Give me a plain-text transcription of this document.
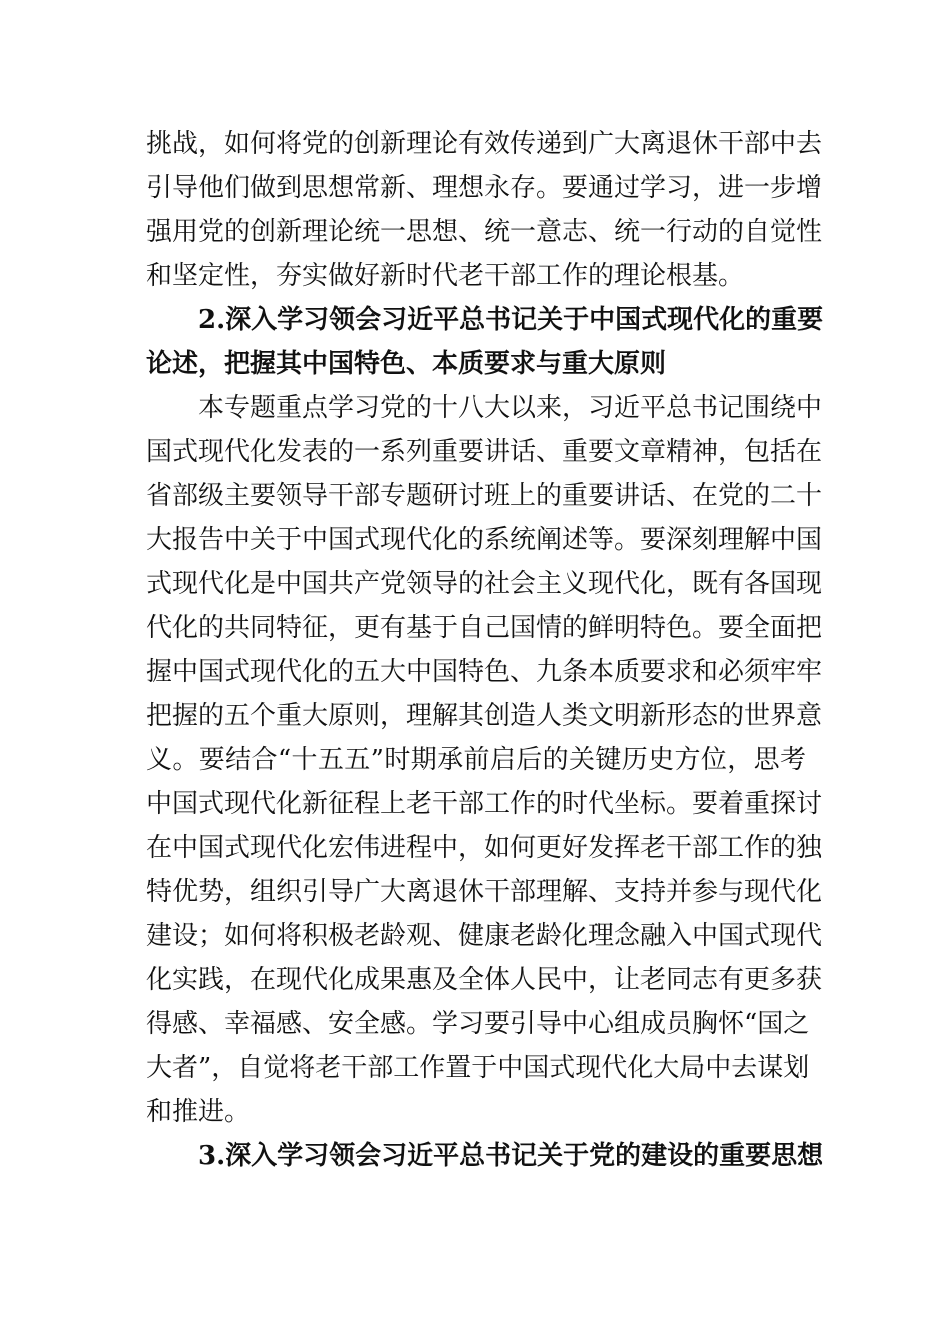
挑战，如何将党的创新理论有效传递到广大离退休干部中去
引导他们做到思想常新、理想永存。要通过学习，进一步增
强用党的创新理论统一思想、统一意志、统一行动的自觉性
和坚定性，夯实做好新时代老干部工作的理论根基。
2.深入学习领会习近平总书记关于中国式现代化的重要
论述，把握其中国特色、本质要求与重大原则
本专题重点学习党的十八大以来，习近平总书记围绕中
国式现代化发表的一系列重要讲话、重要文章精神，包括在
省部级主要领导干部专题研讨班上的重要讲话、在党的二十
大报告中关于中国式现代化的系统阐述等。要深刻理解中国
式现代化是中国共产党领导的社会主义现代化，既有各国现
代化的共同特征，更有基于自己国情的鲜明特色。要全面把
握中国式现代化的五大中国特色、九条本质要求和必须牢牢
把握的五个重大原则，理解其创造人类文明新形态的世界意
义。要结合“十五五”时期承前启后的关键历史方位，思考
中国式现代化新征程上老干部工作的时代坐标。要着重探讨
在中国式现代化宏伟进程中，如何更好发挥老干部工作的独
特优势，组织引导广大离退休干部理解、支持并参与现代化
建设；如何将积极老龄观、健康老龄化理念融入中国式现代
化实践，在现代化成果惠及全体人民中，让老同志有更多获
得感、幸福感、安全感。学习要引导中心组成员胸怀“国之
大者”，自觉将老干部工作置于中国式现代化大局中去谋划
和推进。
3.深入学习领会习近平总书记关于党的建设的重要思想
